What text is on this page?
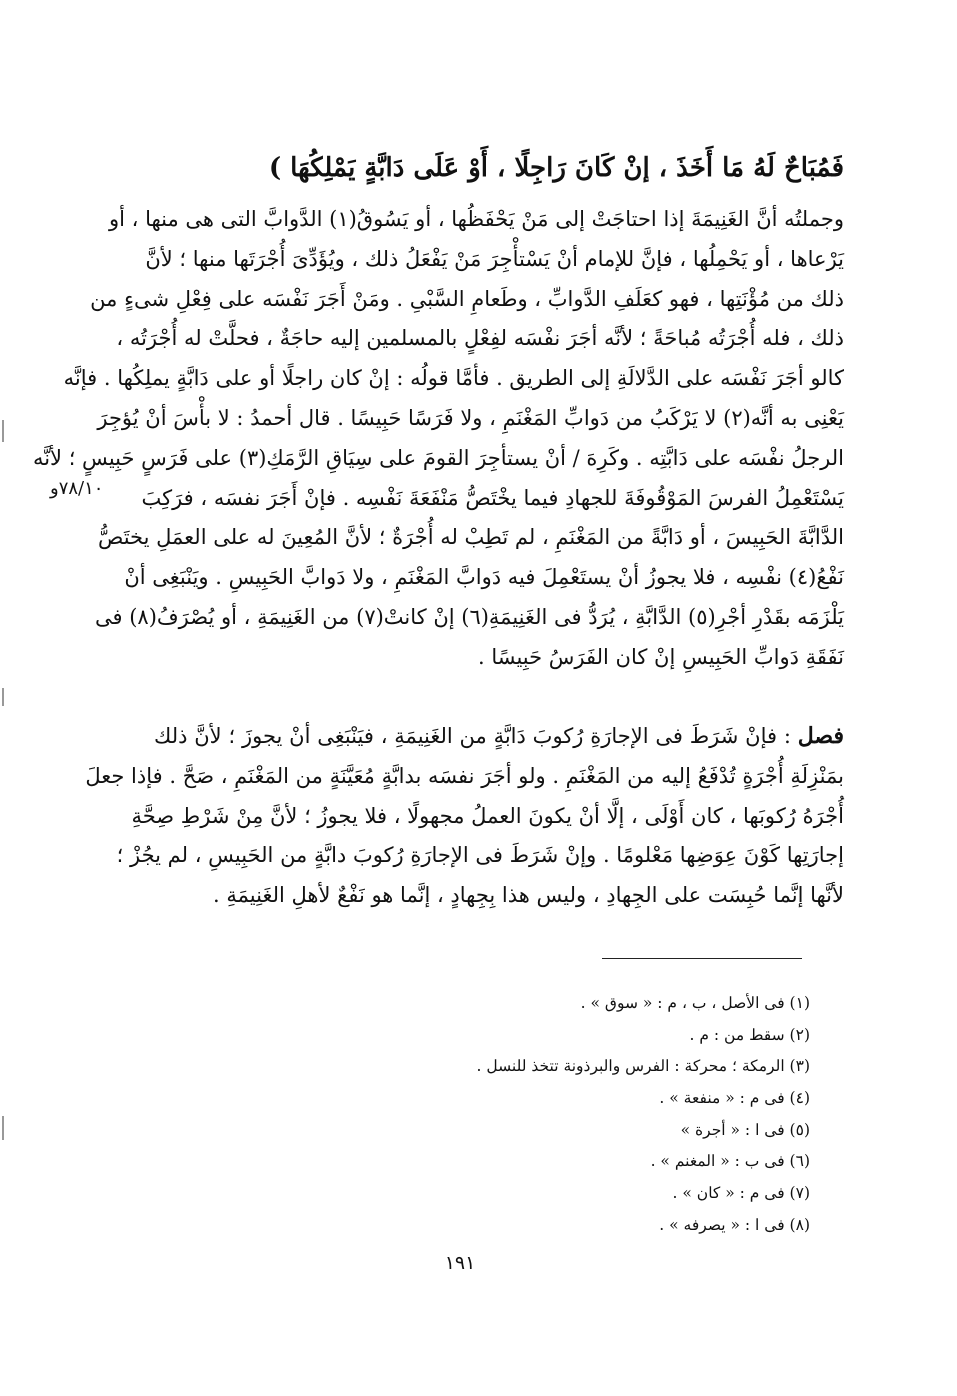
فَمُبَاحٌ لَهُ مَا أَخَذَ ، إنْ كَانَ رَاجِلًا ، أَوْ عَلَى دَابَّةٍ يَمْلِكُهَا )
وجملتُه أنَّ الغَنِيمَةَ إذا احتاجَتْ إلى مَنْ يَحْفَظُها ، أو يَسُوقُ(١) الدَّوابَّ التى هى منها ، أو
يَرْعاها ، أو يَحْمِلُها ، فإنَّ للإمام أنْ يَسْتأْجِرَ مَنْ يَفْعَلُ ذلك ، ويُؤَدِّىَ أُجْرَتَها منها ؛ لأنَّ
ذلك من مُؤْنَتِها ، فهو كعَلَفِ الدَّوابِّ ، وطَعامِ السَّبْىِ . ومَنْ أَجَرَ نَفْسَه على فِعْلِ شىءٍ من
ذلك ، فله أُجْرَتُه مُباحَةً ؛ لأنَّه أجَرَ نفْسَه لفِعْلٍ بالمسلمين إليه حاجَةٌ ، فحلَّتْ له أُجْرَتُه ،
كالو أجَرَ نَفْسَه على الدَّلالَةِ إلى الطريق . فأمَّا قولُه : إنْ كان راجلًا أو على دَابَّةٍ يملِكُها . فإنَّه
يَعْنِى به أنَّه(٢) لا يَرْكَبُ من دَوابِّ المَغْنَمِ ، ولا فَرَسًا حَبِيسًا . قال أحمدُ : لا بأْسَ أنْ يُؤجِرَ
الرجلُ نفْسَه على دَابَّتِه . وكَرِهَ / أنْ يستأجِرَ القومَ على سِيَاقِ الرَّمَكِ(٣) على فَرَسٍ حَبِيسٍ ؛ لأنَّه
يَسْتَعْمِلُ الفرسَ المَوْقُوفَةَ للجهادِ فيما يخْتَصُّ مَنْفَعَةَ نَفْسِه . فإنْ أَجَرَ نفسَه ، فرَكِبَ
الدَّابَّةَ الحَبِيسَ ، أو دَابَّةً من المَغْنَمِ ، لم تَطِبْ له أُجْرَةٌ ؛ لأنَّ المُعِينَ له على العمَلِ يختَصُّ
نَفْعُ(٤) نفْسِه ، فلا يجوزُ أنْ يستَعْمِلَ فيه دَوابَّ المَغْنَمِ ، ولا دَوابَّ الحَبِيسِ . ويَنْبَغِى أنْ
يَلْزَمَه بقَدْرِ أجْرِ(٥) الدَّابَّةِ ، يُرَدُّ فى الغَنِيمَةِ(٦) إنْ كانتْ(٧) من الغَنِيمَةِ ، أو يُصْرَفُ(٨) فى
نَفَقَةِ دَوابِّ الحَبِيسِ إنْ كان الفَرَسُ حَبِيسًا .
٧٨/١٠و
فصل : فإنْ شَرَطَ فى الإجارَةِ رُكوبَ دَابَّةٍ من الغَنِيمَةِ ، فيَنْبَغِى أنْ يجوزَ ؛ لأنَّ ذلك
بمَنْزِلَةِ أُجْرَةٍ تُدْفَعُ إليه من المَغْنَمِ . ولو أجَرَ نفسَه بدابَّةٍ مُعَيَّنَةٍ من المَغْنَمِ ، صَحَّ . فإذا جعلَ
أُجْرَهُ رُكوبَها ، كان أَوْلَى ، إلَّا أنْ يكونَ العملُ مجهولًا ، فلا يجوزُ ؛ لأنَّ مِنْ شَرْطِ صِحَّةِ
إجارَتِها كَوْنَ عِوَضِها مَعْلومًا . وإنْ شَرَطَ فى الإجارَةِ رُكوبَ دابَّةٍ من الحَبِيسِ ، لم يجُزْ ؛
لأنَّها إنَّما حُبِسَت على الجِهادِ ، وليس هذا بِجِهادٍ ، إنَّما هو نَفْعٌ لأهلِ الغَنِيمَةِ .
(١) فى الأصل ، ب ، م : « سوق » .
(٢) سقط من : م .
(٣) الرمكة ؛ محركة : الفرس والبرذونة تتخذ للنسل .
(٤) فى م : « منفعة » .
(٥) فى ا : « أجرة »
(٦) فى ب : « المغنم » .
(٧) فى م : « كان » .
(٨) فى ا : « يصرفه » .
١٩١
